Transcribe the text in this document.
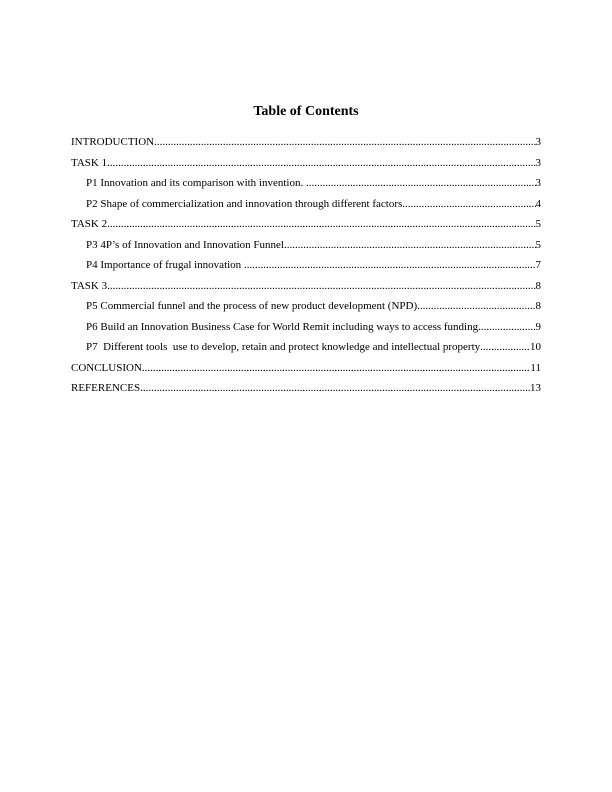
Table of Contents
INTRODUCTION .....	3
TASK 1 .....	3
P1 Innovation and its comparison with invention. .....	3
P2 Shape of commercialization and innovation through different factors .....	4
TASK 2 .....	5
P3 4P’s of Innovation and Innovation Funnel .....	5
P4 Importance of frugal innovation .....	7
TASK 3 .....	8
P5 Commercial funnel and the process of new product development (NPD) .....	8
P6 Build an Innovation Business Case for World Remit including ways to access funding .....	9
P7  Different tools  use to develop, retain and protect knowledge and intellectual property .....	10
CONCLUSION .....	11
REFERENCES .....	13
